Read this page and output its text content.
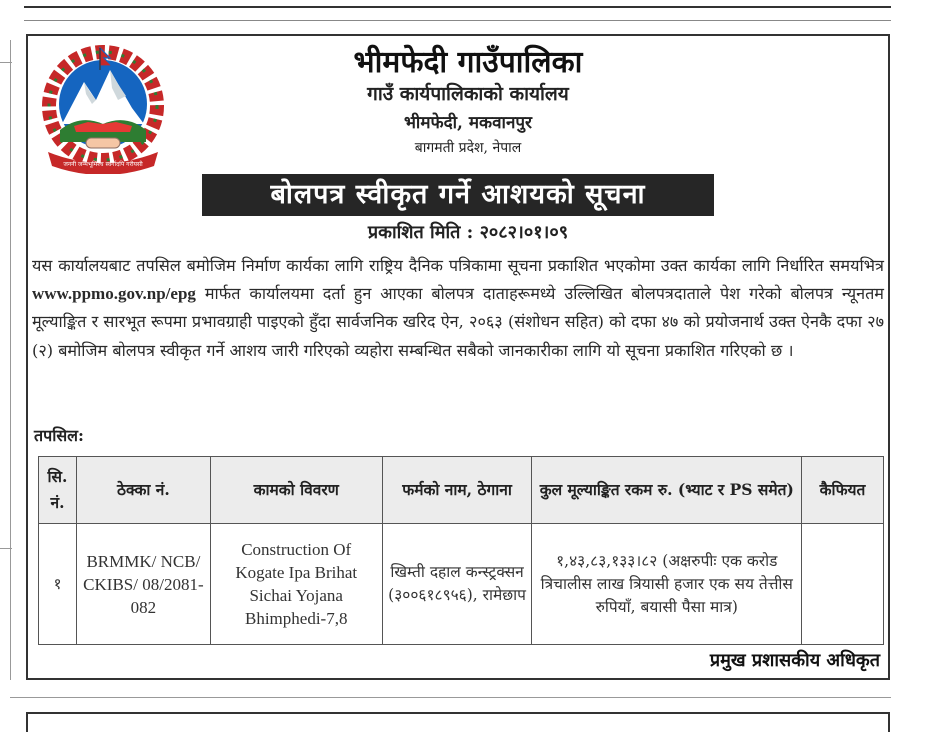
जननी जन्मभूमिश्च स्वर्गादपि गरीयसी
भीमफेदी गाउँपालिका
गाउँ कार्यपालिकाको कार्यालय
भीमफेदी, मकवानपुर
बागमती प्रदेश, नेपाल
बोलपत्र स्वीकृत गर्ने आशयको सूचना
प्रकाशित मिति : २०८२।०१।०९
यस कार्यालयबाट तपसिल बमोजिम निर्माण कार्यका लागि राष्ट्रिय दैनिक पत्रिकामा सूचना प्रकाशित भएकोमा उक्त कार्यका लागि निर्धारित समयभित्र www.ppmo.gov.np/epg मार्फत कार्यालयमा दर्ता हुन आएका बोलपत्र दाताहरूमध्ये उल्लिखित बोलपत्रदाताले पेश गरेको बोलपत्र न्यूनतम मूल्याङ्कित र सारभूत रूपमा प्रभावग्राही पाइएको हुँदा सार्वजनिक खरिद ऐन, २०६३ (संशोधन सहित) को दफा ४७ को प्रयोजनार्थ उक्त ऐनकै दफा २७ (२) बमोजिम बोलपत्र स्वीकृत गर्ने आशय जारी गरिएको व्यहोरा सम्बन्धित सबैको जानकारीका लागि यो सूचना प्रकाशित गरिएको छ ।
तपसिल:
सि. नं.	ठेक्का नं.	कामको विवरण	फर्मको नाम, ठेगाना	कुल मूल्याङ्कित रकम रु. (भ्याट र PS समेत)	कैफियत
१	BRMMK/ NCB/ CKIBS/ 08/2081-082	Construction Of Kogate Ipa Brihat Sichai Yojana Bhimphedi-7,8	खिम्ती दहाल कन्स्ट्रक्सन (३००६१८९५६), रामेछाप	१,४३,८३,१३३।८२ (अक्षरुपीः एक करोड त्रिचालीस लाख त्रियासी हजार एक सय तेत्तीस रुपियाँ, बयासी पैसा मात्र)	
प्रमुख प्रशासकीय अधिकृत
